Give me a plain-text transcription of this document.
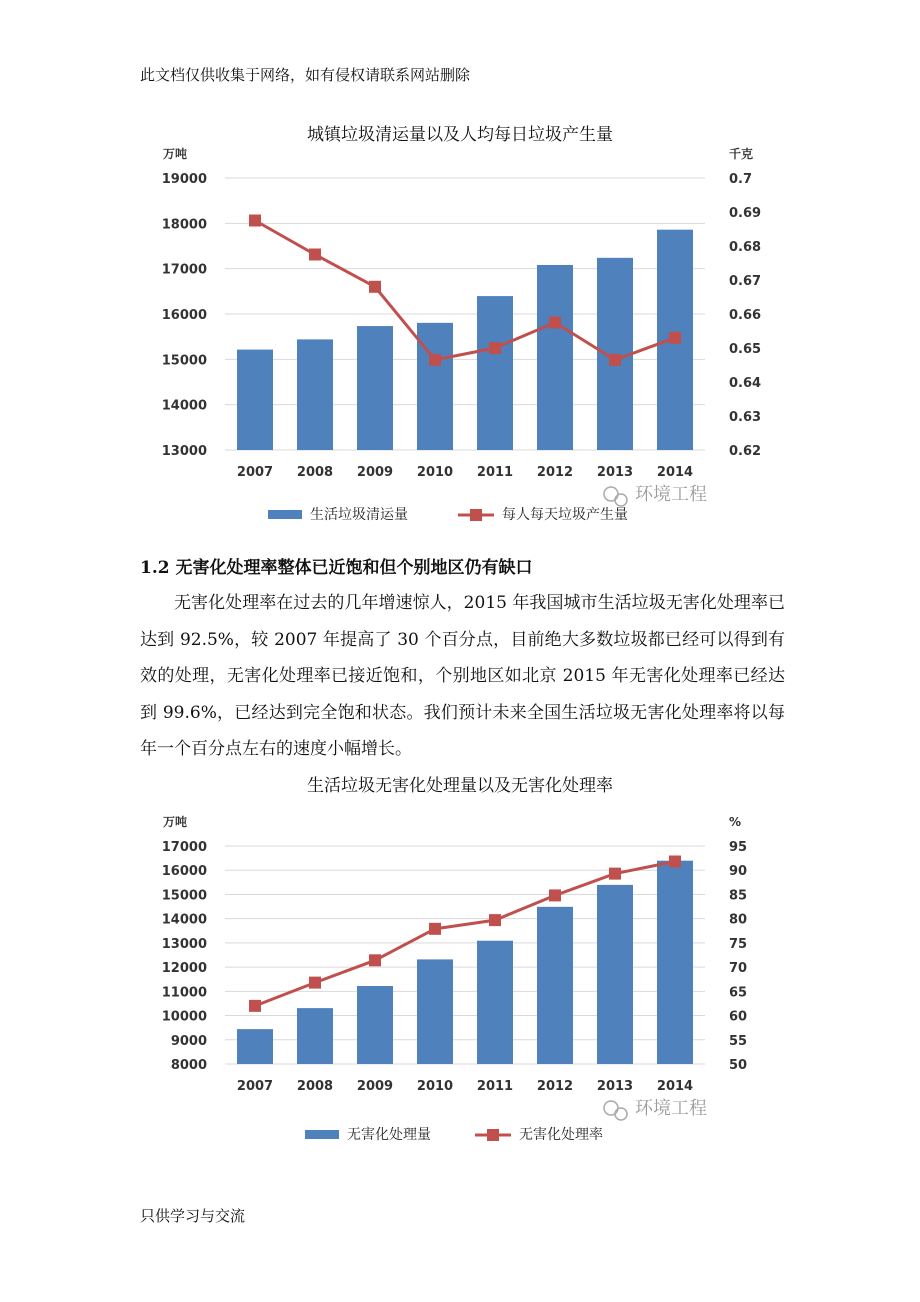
此文档仅供收集于网络，如有侵权请联系网站删除
城镇垃圾清运量以及人均每日垃圾产生量
13000
14000
15000
16000
17000
18000
19000
0.62
0.63
0.64
0.65
0.66
0.67
0.68
0.69
0.7
万吨	千克
2007 2008 2009 2010 2011 2012 2013 2014
环境工程
生活垃圾清运量	每人每天垃圾产生量
1.2 无害化处理率整体已近饱和但个别地区仍有缺口
无害化处理率在过去的几年增速惊人，2015 年我国城市生活垃圾无害化处理率已达到 92.5%，较 2007 年提高了 30 个百分点，目前绝大多数垃圾都已经可以得到有效的处理，无害化处理率已接近饱和，个别地区如北京 2015 年无害化处理率已经达到 99.6%，已经达到完全饱和状态。我们预计未来全国生活垃圾无害化处理率将以每年一个百分点左右的速度小幅增长。
生活垃圾无害化处理量以及无害化处理率
8000
9000
10000
11000
12000
13000
14000
15000
16000
17000
50
55
60
65
70
75
80
85
90
95
万吨	%
2007 2008 2009 2010 2011 2012 2013 2014
环境工程
无害化处理量	无害化处理率
只供学习与交流
